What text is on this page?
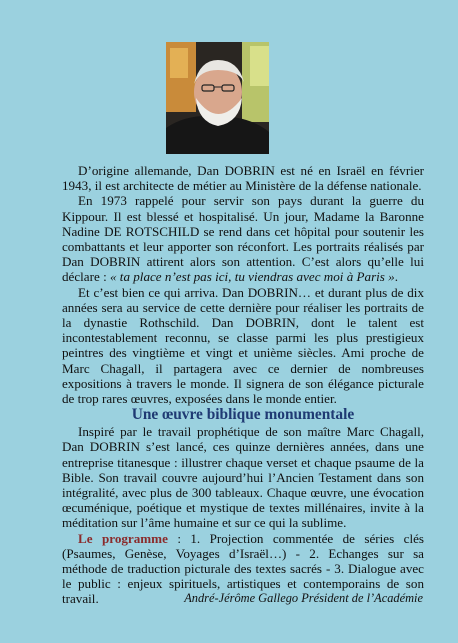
D’origine allemande, Dan DOBRIN est né en Israël en février 1943, il est architecte de métier au Ministère de la défense nationale.

En 1973 rappelé pour servir son pays durant la guerre du Kippour. Il est blessé et hospitalisé. Un jour, Madame la Baronne Nadine DE ROTSCHILD se rend dans cet hôpital pour soutenir les combattants et leur apporter son réconfort. Les portraits réalisés par Dan DOBRIN attirent alors son attention. C’est alors qu’elle lui déclare : « ta place n’est pas ici, tu viendras avec moi à Paris ».

Et c’est bien ce qui arriva. Dan DOBRIN… et durant plus de dix années sera au service de cette dernière pour réaliser les portraits de la dynastie Rothschild. Dan DOBRIN, dont le talent est incontestablement reconnu, se classe parmi les plus prestigieux peintres des vingtième et vingt et unième siècles. Ami proche de Marc Chagall, il partagera avec ce dernier de nombreuses expositions à travers le monde. Il signera de son élégance picturale de trop rares œuvres, exposées dans le monde entier.

Une œuvre biblique monumentale

Inspiré par le travail prophétique de son maître Marc Chagall, Dan DOBRIN s’est lancé, ces quinze dernières années, dans une entreprise titanesque : illustrer chaque verset et chaque psaume de la Bible. Son travail couvre aujourd’hui l’Ancien Testament dans son intégralité, avec plus de 300 tableaux. Chaque œuvre, une évocation œcuménique, poétique et mystique de textes millénaires, invite à la méditation sur l’âme humaine et sur ce qui la sublime.

Le programme : 1. Projection commentée de séries clés (Psaumes, Genèse, Voyages d’Israël…) - 2. Echanges sur sa méthode de traduction picturale des textes sacrés - 3. Dialogue avec le public : enjeux spirituels, artistiques et contemporains de son travail.	André-Jérôme Gallego Président de l’Académie
